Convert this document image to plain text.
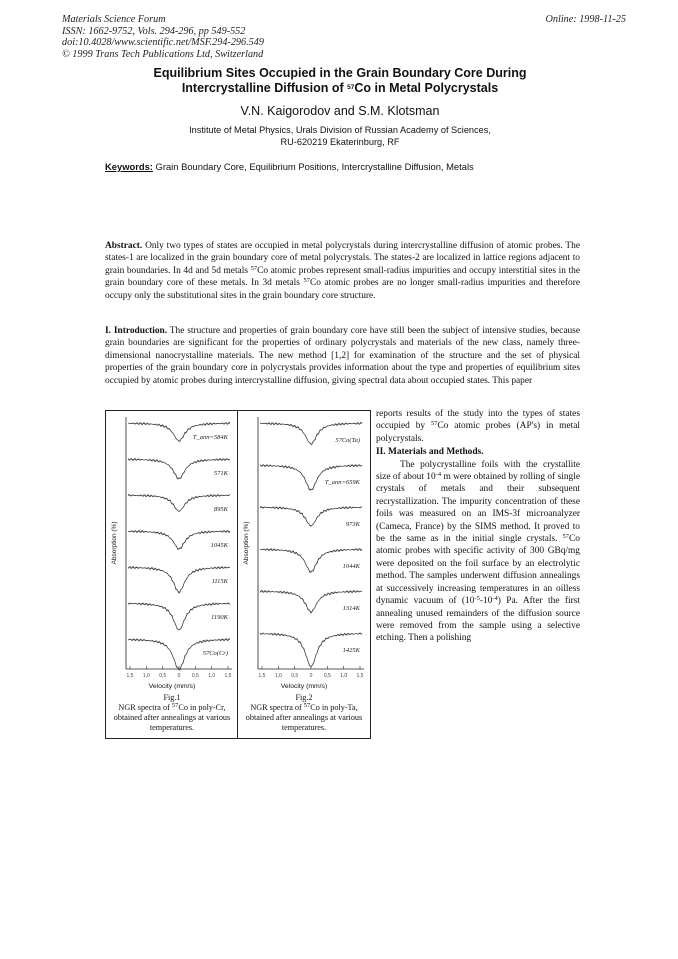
Materials Science Forum
ISSN: 1662-9752, Vols. 294-296, pp 549-552
doi:10.4028/www.scientific.net/MSF.294-296.549
© 1999 Trans Tech Publications Ltd, Switzerland
Online: 1998-11-25
Equilibrium Sites Occupied in the Grain Boundary Core During
Intercrystalline Diffusion of $^{57}$Co in Metal Polycrystals
V.N. Kaigorodov and S.M. Klotsman
Institute of Metal Physics, Urals Division of Russian Academy of Sciences,
RU-620219 Ekaterinburg, RF
Keywords: Grain Boundary Core, Equilibrium Positions, Intercrystalline Diffusion, Metals
Abstract. Only two types of states are occupied in metal polycrystals during intercrystalline diffusion of atomic probes. The states-1 are localized in the grain boundary core of metal polycrystals. The states-2 are localized in lattice regions adjacent to grain boundaries. In 4d and 5d metals $^{57}$Co atomic probes represent small-radius impurities and occupy interstitial sites in the grain boundary core of these metals. In 3d metals $^{57}$Co atomic probes are no longer small-radius impurities and therefore occupy only the substitutional sites in the grain boundary core structure.
I. Introduction. The structure and properties of grain boundary core have still been the subject of intensive studies, because grain boundaries are significant for the properties of ordinary polycrystals and materials of the new class, namely three-dimensional nanocrystalline materials. The new method [1,2] for examination of the structure and the set of physical properties of the grain boundary core in polycrystals provides information about the type and properties of equilibrium sites occupied by atomic probes during intercrystalline diffusion, giving spectral data about occupied states. This paper
reports results of the study into the types of states occupied by $^{57}$Co atomic probes (AP's) in metal polycrystals.
II. Materials and Methods.
The polycrystalline foils with the crystallite size of about $10^{-4}$ m were obtained by rolling of single crystals of metals and their subsequent recrystallization. The impurity concentration of these foils was measured on an IMS-3f microanalyzer (Cameca, France) by the SIMS method. It proved to be the same as in the initial single crystals. $^{57}$Co atomic probes with specific activity of 300 GBq/mg were deposited on the foil surface by an electrolytic method. The samples underwent diffusion annealings at successively increasing temperatures in an oilless dynamic vacuum of $(10^{-5}-10^{-4})$ Pa. After the first annealing unused remainders of the diffusion source were removed from the sample using a selective etching. Then a polishing
Absorption (%)
1,5 1,0 0,5 0 0,5 1,0 1,5
T_ann=584K
571K
895K
1045K
1115K
1190K
57Co(Cr)
Velocity (mm/s)
Fig.1
NGR spectra of $^{57}$Co in poly-Cr, obtained after annealings at various temperatures.
Absorption (%)
1,5 1,0 0,5 0 0,5 1,0 1,5
57Co(Ta)
T_ann=659K
973K
1044K
1314K
1425K
Velocity (mm/s)
Fig.2
NGR spectra of $^{57}$Co in poly-Ta, obtained after annealings at various temperatures.
